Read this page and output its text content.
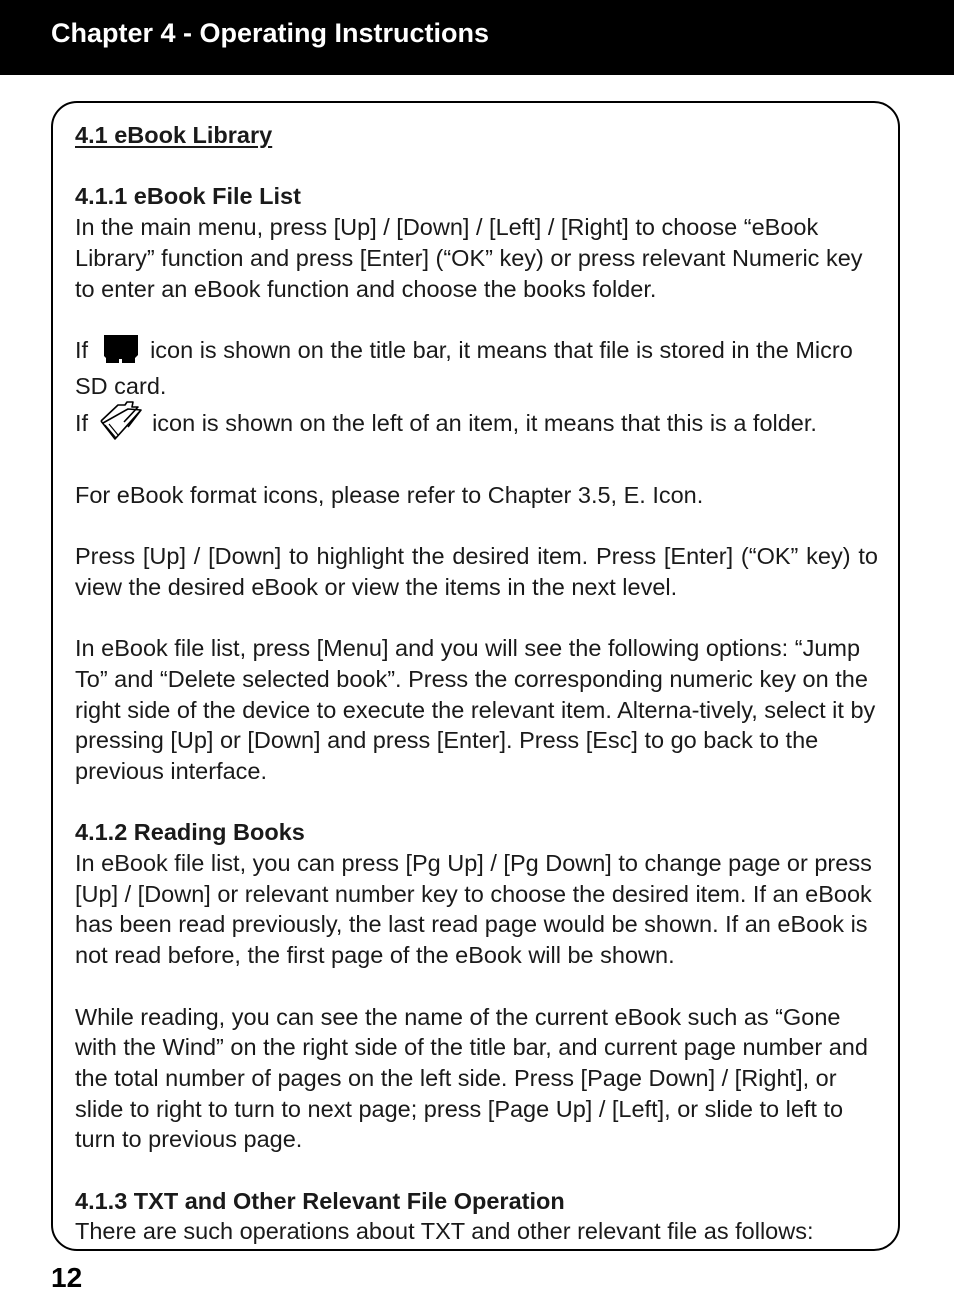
Chapter 4 - Operating Instructions

4.1 eBook Library

4.1.1 eBook File List

In the main menu, press [Up] / [Down] / [Left] / [Right] to choose “eBook Library” function and press [Enter] (“OK” key) or press relevant Numeric key to enter an eBook function and choose the books folder.

If	icon is shown on the title bar, it means that file is stored in the Micro SD card.

If	icon is shown on the left of an item, it means that this is a folder.

For eBook format icons, please refer to Chapter 3.5, E. Icon.

Press [Up] / [Down] to highlight the desired item. Press [Enter] (“OK” key) to view the desired eBook or view the items in the next level.

In eBook file list, press [Menu] and you will see the following options: “Jump To” and “Delete selected book”. Press the corresponding numeric key on the right side of the device to execute the relevant item. Alterna-tively, select it by pressing [Up] or [Down] and press [Enter]. Press [Esc] to go back to the previous interface.

4.1.2 Reading Books

In eBook file list, you can press [Pg Up] / [Pg Down] to change page or press [Up] / [Down] or relevant number key to choose the desired item. If an eBook has been read previously, the last read page would be shown. If an eBook is not read before, the first page of the eBook will be shown.

While reading, you can see the name of the current eBook such as “Gone with the Wind” on the right side of the title bar, and current page number and the total number of pages on the left side. Press [Page Down] / [Right], or slide to right to turn to next page; press [Page Up] / [Left], or slide to left to turn to previous page.

4.1.3 TXT and Other Relevant File Operation

There are such operations about TXT and other relevant file as follows:

12
